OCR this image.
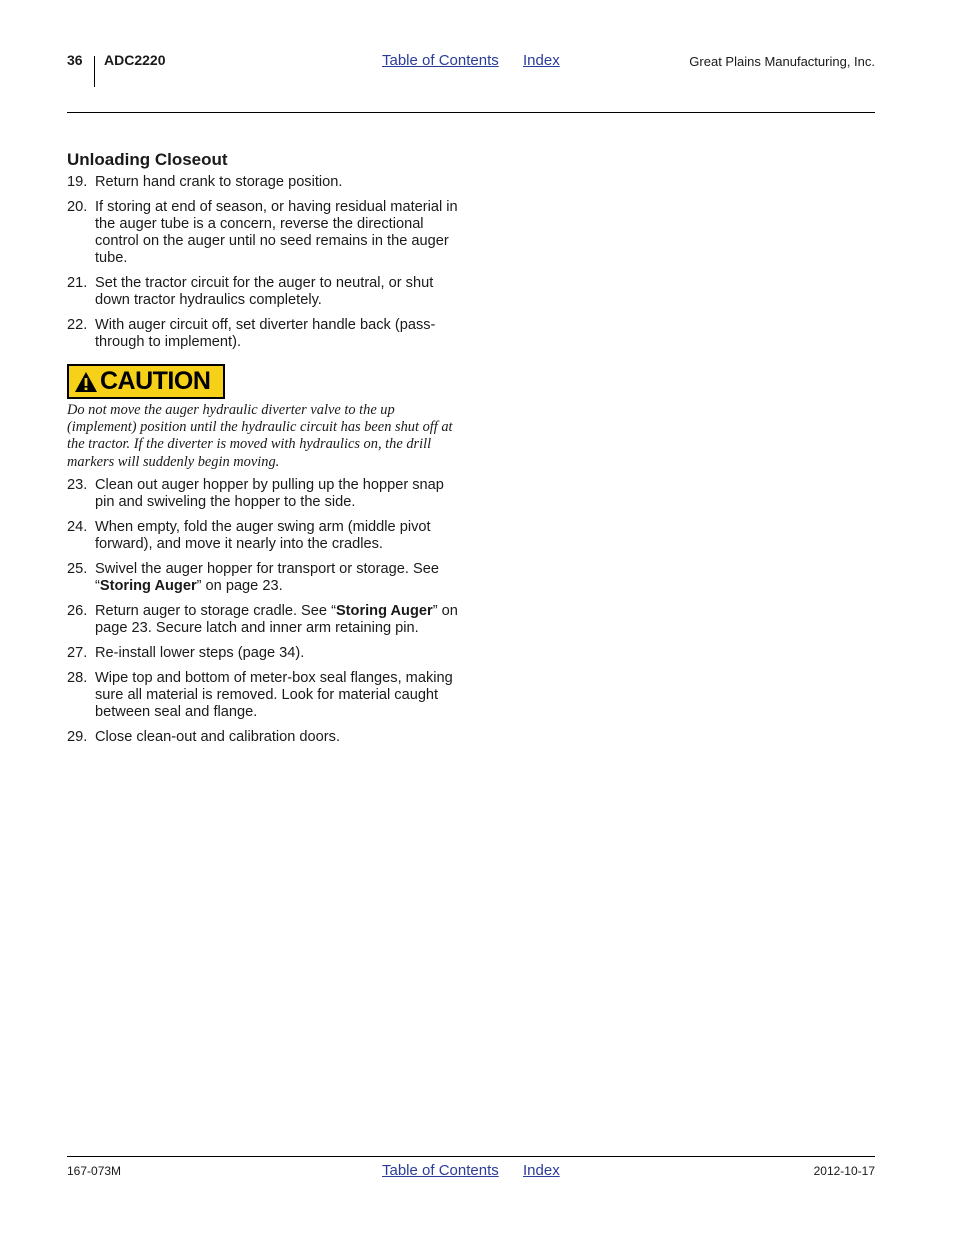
36 ADC2220	Table of Contents Index	Great Plains Manufacturing, Inc.
Unloading Closeout
19. Return hand crank to storage position.
20. If storing at end of season, or having residual material in the auger tube is a concern, reverse the directional control on the auger until no seed remains in the auger tube.
21. Set the tractor circuit for the auger to neutral, or shut down tractor hydraulics completely.
22. With auger circuit off, set diverter handle back (pass-through to implement).
CAUTION
Do not move the auger hydraulic diverter valve to the up (implement) position until the hydraulic circuit has been shut off at the tractor. If the diverter is moved with hydraulics on, the drill markers will suddenly begin moving.
23. Clean out auger hopper by pulling up the hopper snap pin and swiveling the hopper to the side.
24. When empty, fold the auger swing arm (middle pivot forward), and move it nearly into the cradles.
25. Swivel the auger hopper for transport or storage. See “Storing Auger” on page 23.
26. Return auger to storage cradle. See “Storing Auger” on page 23. Secure latch and inner arm retaining pin.
27. Re-install lower steps (page 34).
28. Wipe top and bottom of meter-box seal flanges, making sure all material is removed. Look for material caught between seal and flange.
29. Close clean-out and calibration doors.
167-073M	Table of Contents Index	2012-10-17
